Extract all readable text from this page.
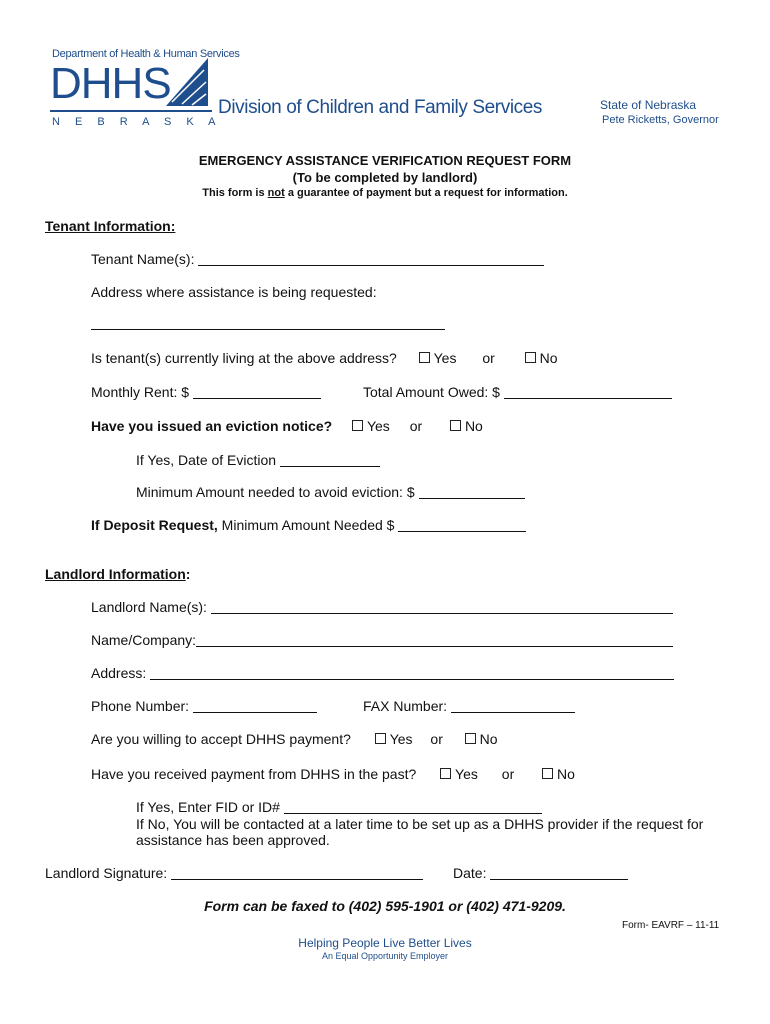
Department of Health & Human Services
DHHS
N E B R A S K A
Division of Children and Family Services	State of Nebraska
Pete Ricketts, Governor
EMERGENCY ASSISTANCE VERIFICATION REQUEST FORM
(To be completed by landlord)
This form is not a guarantee of payment but a request for information.
Tenant Information:
Tenant Name(s):
Address where assistance is being requested:
Is tenant(s) currently living at the above address?	Yes or	No
Monthly Rent: $	Total Amount Owed: $
Have you issued an eviction notice? Yes or	No
If Yes, Date of Eviction
Minimum Amount needed to avoid eviction: $
If Deposit Request, Minimum Amount Needed $
Landlord Information:
Landlord Name(s):
Name/Company:
Address:
Phone Number:	FAX Number:
Are you willing to accept DHHS payment?	Yes or	No
Have you received payment from DHHS in the past?	Yes or	No
If Yes, Enter FID or ID#
If No, You will be contacted at a later time to be set up as a DHHS provider if the request for
assistance has been approved.
Landlord Signature:	Date:
Form can be faxed to (402) 595-1901 or (402) 471-9209.
Form- EAVRF – 11-11
Helping People Live Better Lives
An Equal Opportunity Employer
